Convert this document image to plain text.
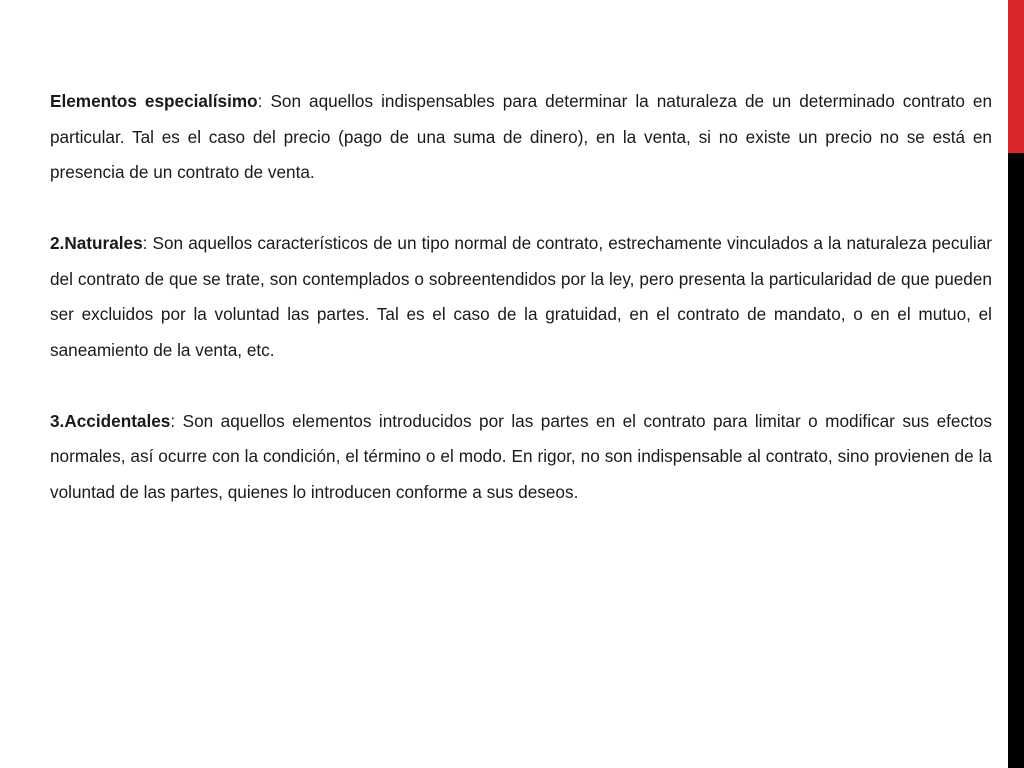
Elementos especialísimo: Son aquellos indispensables para determinar la naturaleza de un determinado contrato en particular. Tal es el caso del precio (pago de una suma de dinero), en la venta, si no existe un precio no se está en presencia de un contrato de venta.

2.Naturales: Son aquellos característicos de un tipo normal de contrato, estrechamente vinculados a la naturaleza peculiar del contrato de que se trate, son contemplados o sobreentendidos por la ley, pero presenta la particularidad de que pueden ser excluidos por la voluntad las partes. Tal es el caso de la gratuidad, en el contrato de mandato, o en el mutuo, el saneamiento de la venta, etc.

3.Accidentales: Son aquellos elementos introducidos por las partes en el contrato para limitar o modificar sus efectos normales, así ocurre con la condición, el término o el modo. En rigor, no son indispensable al contrato, sino provienen de la voluntad de las partes, quienes lo introducen conforme a sus deseos.
